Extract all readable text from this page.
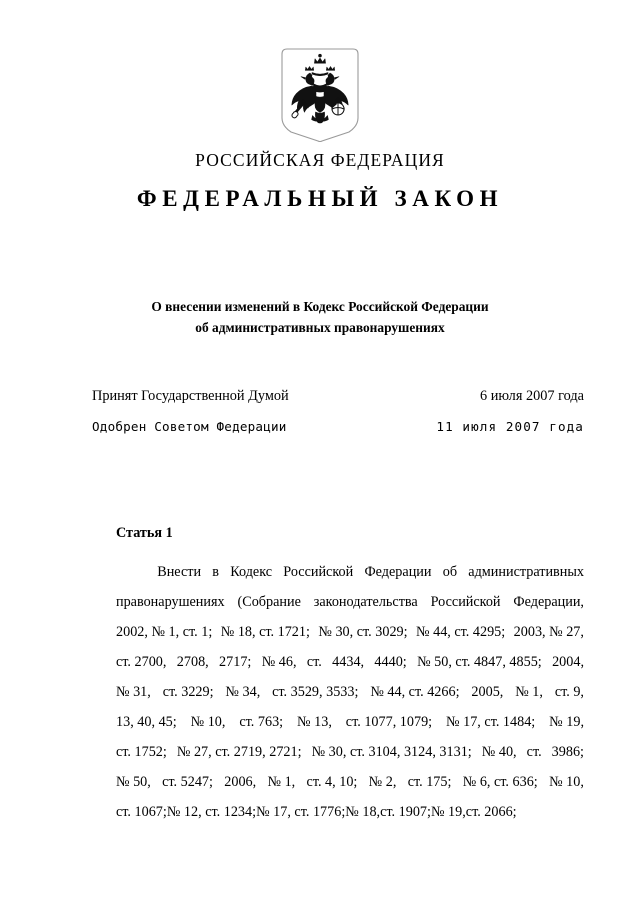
РОССИЙСКАЯ ФЕДЕРАЦИЯ
ФЕДЕРАЛЬНЫЙ ЗАКОН
О внесении изменений в Кодекс Российской Федерации
об административных правонарушениях
Принят Государственной Думой	6 июля 2007 года
Одобрен Советом Федерации	11 июля 2007 года
Статья 1
Внести в Кодекс Российской Федерации об административных
правонарушениях (Собрание законодательства Российской Федерации,
2002, № 1, ст. 1; № 18, ст. 1721; № 30, ст. 3029; № 44, ст. 4295; 2003, № 27,
ст. 2700, 2708, 2717; № 46, ст. 4434, 4440; № 50, ст. 4847, 4855; 2004,
№ 31, ст. 3229; № 34, ст. 3529, 3533; № 44, ст. 4266; 2005, № 1, ст. 9,
13, 40, 45; № 10, ст. 763; № 13, ст. 1077, 1079; № 17, ст. 1484; № 19,
ст. 1752; № 27, ст. 2719, 2721; № 30, ст. 3104, 3124, 3131; № 40, ст. 3986;
№ 50, ст. 5247; 2006, № 1, ст. 4, 10; № 2, ст. 175; № 6, ст. 636; № 10,
ст. 1067; № 12, ст. 1234; № 17, ст. 1776; № 18, ст. 1907; № 19, ст. 2066;
